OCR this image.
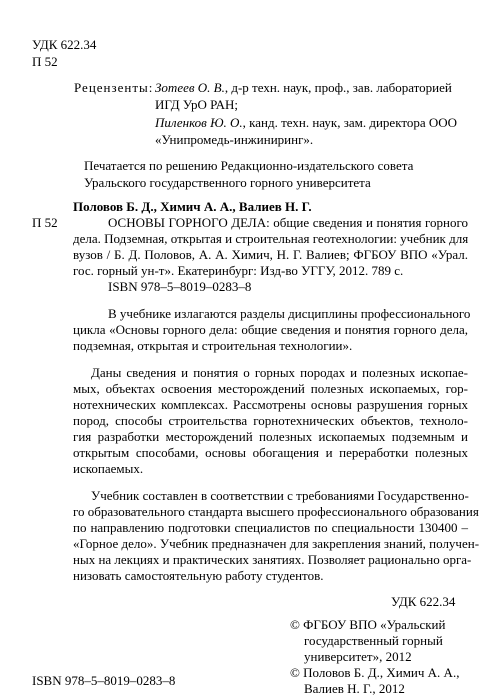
УДК 622.34
П 52
Рецензенты: Зотеев О. В., д-р техн. наук, проф., зав. лабораторией
ИГД УрО РАН;
Пиленков Ю. О., канд. техн. наук, зам. директора ООО
«Унипромедь-инжиниринг».
Печатается по решению Редакционно-издательского совета
Уральского государственного горного университета
Половов Б. Д., Химич А. А., Валиев Н. Г.
П 52	ОСНОВЫ ГОРНОГО ДЕЛА: общие сведения и понятия горного
дела. Подземная, открытая и строительная геотехнологии: учебник для
вузов / Б. Д. Половов, А. А. Химич, Н. Г. Валиев; ФГБОУ ВПО «Урал.
гос. горный ун-т». Екатеринбург: Изд-во УГГУ, 2012. 789 с.
ISBN 978–5–8019–0283–8
В учебнике излагаются разделы дисциплины профессионального
цикла «Основы горного дела: общие сведения и понятия горного дела,
подземная, открытая и строительная технологии».
Даны сведения и понятия о горных породах и полезных ископае-
мых, объектах освоения месторождений полезных ископаемых, гор-
нотехнических комплексах. Рассмотрены основы разрушения горных
пород, способы строительства горнотехнических объектов, техноло-
гия разработки месторождений полезных ископаемых подземным и
открытым способами, основы обогащения и переработки полезных
ископаемых.
Учебник составлен в соответствии с требованиями Государственно-
го образовательного стандарта высшего профессионального образования
по направлению подготовки специалистов по специальности 130400 –
«Горное дело». Учебник предназначен для закрепления знаний, получен-
ных на лекциях и практических занятиях. Позволяет рационально орга-
низовать самостоятельную работу студентов.
УДК 622.34
© ФГБОУ ВПО «Уральский
государственный горный
университет», 2012
© Половов Б. Д., Химич А. А.,
Валиев Н. Г., 2012
ISBN 978–5–8019–0283–8
